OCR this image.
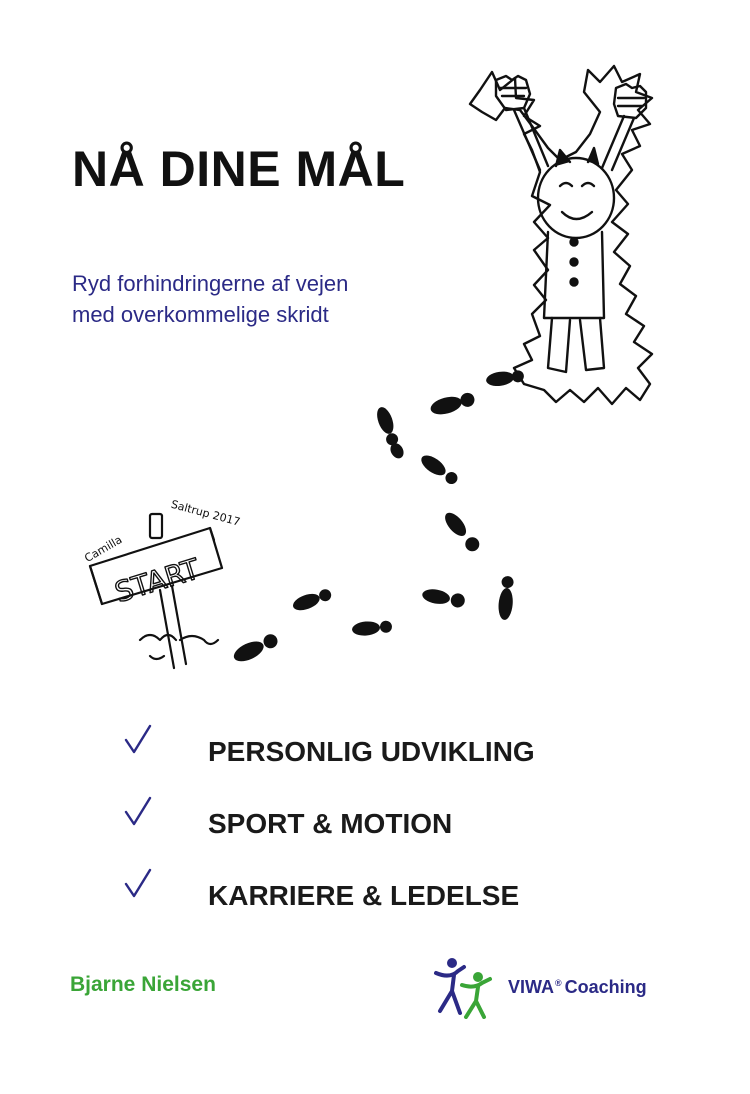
NÅ DINE MÅL
Ryd forhindringerne af vejen
med overkommelige skridt
START
Camilla
Saltrup 2017
PERSONLIG UDVIKLING
SPORT & MOTION
KARRIERE & LEDELSE
Bjarne Nielsen	VIWA® Coaching
